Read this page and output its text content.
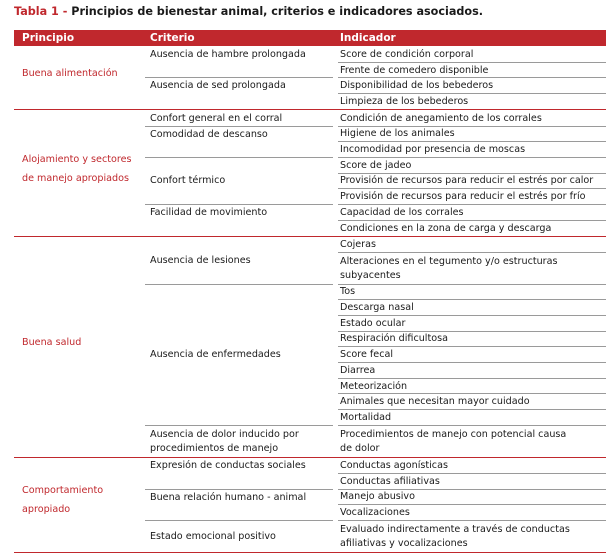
Tabla 1 - Principios de bienestar animal, criterios e indicadores asociados.
Principio	Criterio	Indicador
Score de condición corporal
Frente de comedero disponible
Ausencia de hambre prolongada
Disponibilidad de los bebederos
Limpieza de los bebederos
Ausencia de sed prolongada
Buena alimentación
Condición de anegamiento de los corrales
Confort general en el corral
Higiene de los animales
Incomodidad por presencia de moscas
Comodidad de descanso
Score de jadeo
Provisión de recursos para reducir el estrés por calor
Provisión de recursos para reducir el estrés por frío
Confort térmico
Capacidad de los corrales
Condiciones en la zona de carga y descarga
Facilidad de movimiento
Alojamiento y sectores
de manejo apropiados
Cojeras
Alteraciones en el tegumento y/o estructuras
subyacentes
Ausencia de lesiones
Tos
Descarga nasal
Estado ocular
Respiración dificultosa
Score fecal
Diarrea
Meteorización
Animales que necesitan mayor cuidado
Mortalidad
Ausencia de enfermedades
Procedimientos de manejo con potencial causa
de dolor
Ausencia de dolor inducido por
procedimientos de manejo
Buena salud
Conductas agonísticas
Conductas afiliativas
Expresión de conductas sociales
Manejo abusivo
Vocalizaciones
Buena relación humano - animal
Evaluado indirectamente a través de conductas
afiliativas y vocalizaciones
Estado emocional positivo
Comportamiento
apropiado
